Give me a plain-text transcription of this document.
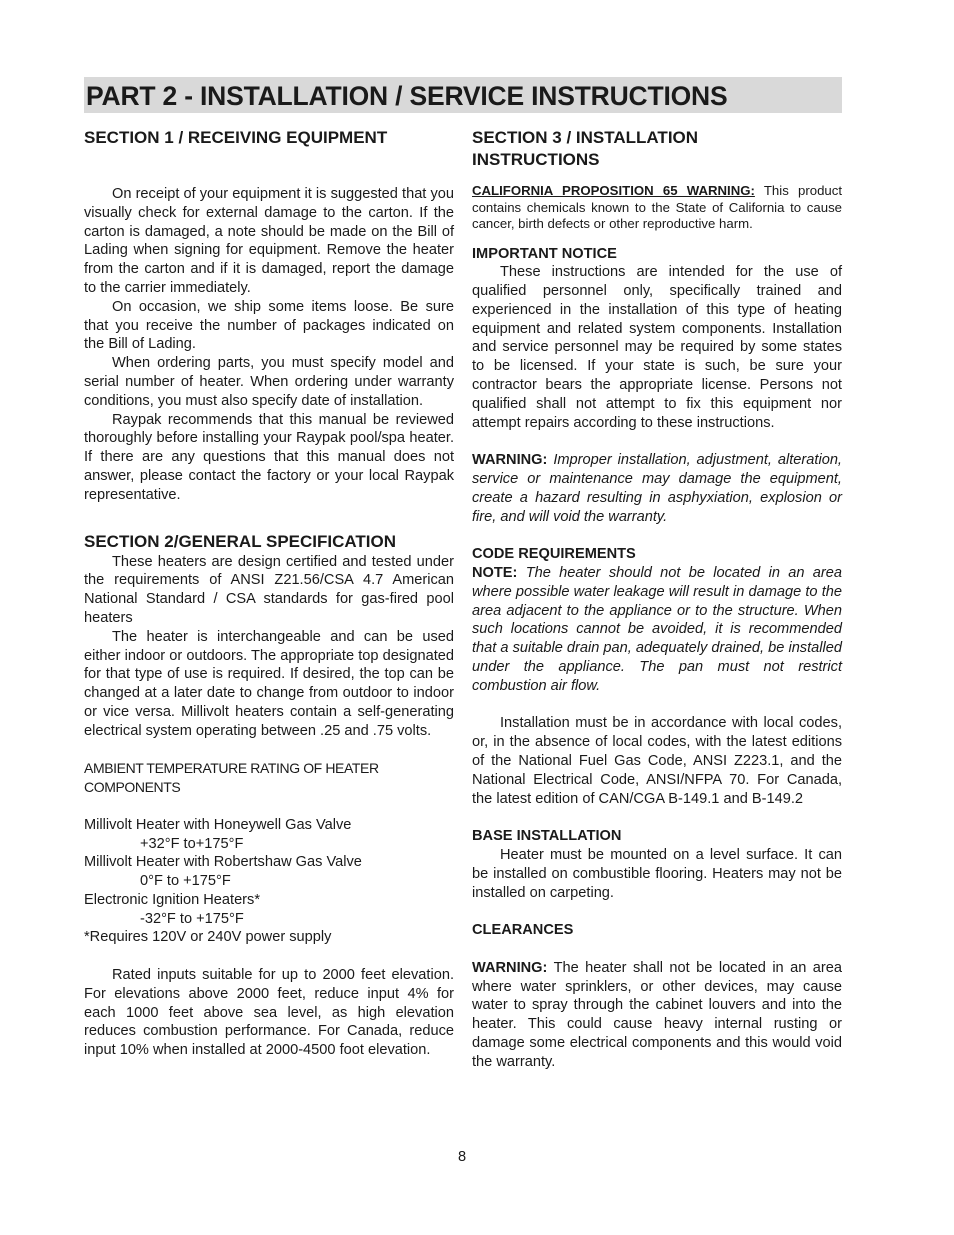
PART 2 - INSTALLATION / SERVICE INSTRUCTIONS
SECTION 1 / RECEIVING EQUIPMENT

On receipt of your equipment it is suggested that you visually check for external damage to the carton. If the carton is damaged, a note should be made on the Bill of Lading when signing for equipment. Remove the heater from the carton and if it is damaged, report the damage to the carrier immediately.

On occasion, we ship some items loose. Be sure that you receive the number of packages indicated on the Bill of Lading.

When ordering parts, you must specify model and serial number of heater. When ordering under warranty conditions, you must also specify date of installation.

Raypak recommends that this manual be reviewed thoroughly before installing your Raypak pool/spa heater. If there are any questions that this manual does not answer, please contact the factory or your local Raypak representative.

SECTION 2/GENERAL SPECIFICATION

These heaters are design certified and tested under the requirements of ANSI Z21.56/CSA 4.7 American National Standard / CSA standards for gas-fired pool heaters

The heater is interchangeable and can be used either indoor or outdoors. The appropriate top designated for that type of use is required. If desired, the top can be changed at a later date to change from outdoor to indoor or vice versa. Millivolt heaters contain a self-generating electrical system operating between .25 and .75 volts.

AMBIENT TEMPERATURE RATING OF HEATER COMPONENTS

Millivolt Heater with Honeywell Gas Valve

+32°F to+175°F

Millivolt Heater with Robertshaw Gas Valve

0°F to +175°F

Electronic Ignition Heaters*

-32°F to +175°F

*Requires 120V or 240V power supply

Rated inputs suitable for up to 2000 feet elevation. For elevations above 2000 feet, reduce input 4% for each 1000 feet above sea level, as high elevation reduces combustion performance. For Canada, reduce input 10% when installed at 2000-4500 foot elevation.

SECTION 3 / INSTALLATION INSTRUCTIONS

CALIFORNIA PROPOSITION 65 WARNING: This product contains chemicals known to the State of California to cause cancer, birth defects or other reproductive harm.

IMPORTANT NOTICE

These instructions are intended for the use of qualified personnel only, specifically trained and experienced in the installation of this type of heating equipment and related system components. Installation and service personnel may be required by some states to be licensed. If your state is such, be sure your contractor bears the appropriate license. Persons not qualified shall not attempt to fix this equipment nor attempt repairs according to these instructions.

WARNING: Improper installation, adjustment, alteration, service or maintenance may damage the equipment, create a hazard resulting in asphyxiation, explosion or fire, and will void the warranty.

CODE REQUIREMENTS

NOTE: The heater should not be located in an area where possible water leakage will result in damage to the area adjacent to the appliance or to the structure. When such locations cannot be avoided, it is recommended that a suitable drain pan, adequately drained, be installed under the appliance. The pan must not restrict combustion air flow.

Installation must be in accordance with local codes, or, in the absence of local codes, with the latest editions of the National Fuel Gas Code, ANSI Z223.1, and the National Electrical Code, ANSI/NFPA 70. For Canada, the latest edition of CAN/CGA B-149.1 and B-149.2

BASE INSTALLATION

Heater must be mounted on a level surface. It can be installed on combustible flooring. Heaters may not be installed on carpeting.

CLEARANCES

WARNING: The heater shall not be located in an area where water sprinklers, or other devices, may cause water to spray through the cabinet louvers and into the heater. This could cause heavy internal rusting or damage some electrical components and this would void the warranty.

8
